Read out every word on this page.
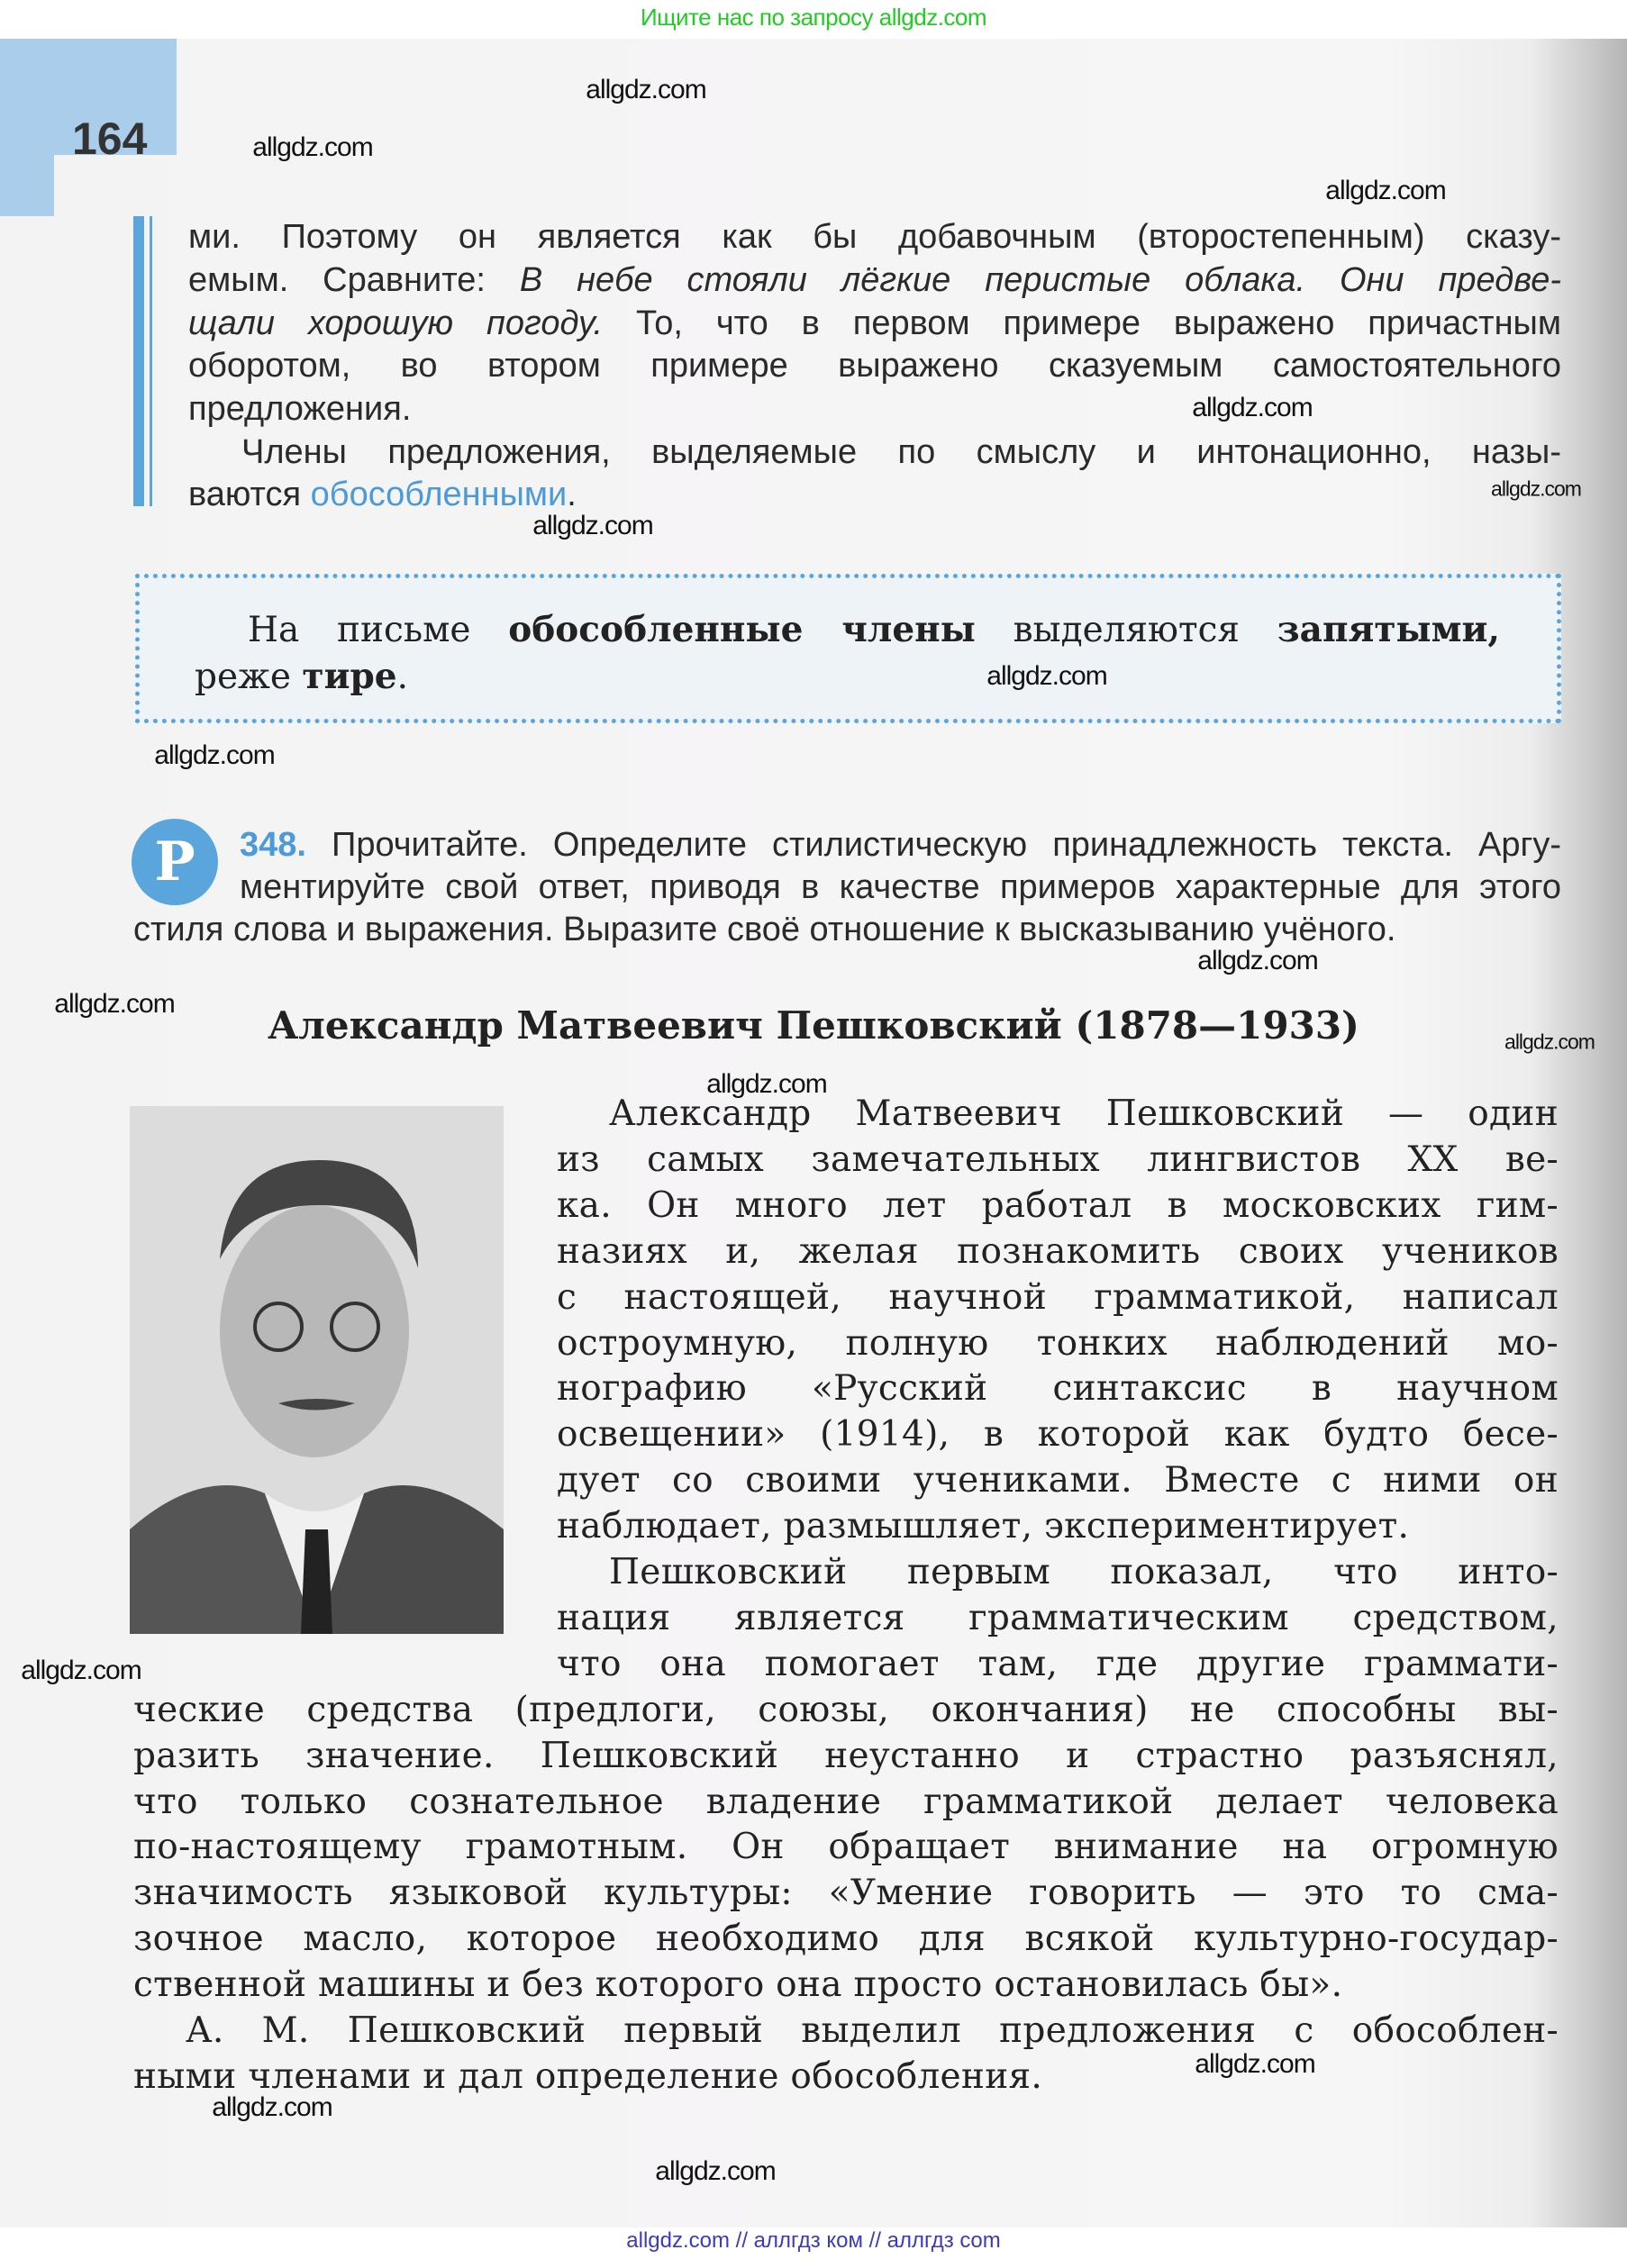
Ищите нас по запросу allgdz.com
164
ми. Поэтому он является как бы добавочным (второстепенным) сказу-
емым. Сравните: В небе стояли лёгкие перистые облака. Они предве-
щали хорошую погоду. То, что в первом примере выражено причастным
оборотом, во втором примере выражено сказуемым самостоятельного
предложения.
Члены предложения, выделяемые по смыслу и интонационно, назы-
ваются обособленными.
На письме обособленные члены выделяются запятыми,
реже тире.
Р	348. Прочитайте. Определите стилистическую принадлежность текста. Аргу-
ментируйте свой ответ, приводя в качестве примеров характерные для этого
стиля слова и выражения. Выразите своё отношение к высказыванию учёного.
Александр Матвеевич Пешковский (1878—1933)
Александр Матвеевич Пешковский — один
из самых замечательных лингвистов XX ве-
ка. Он много лет работал в московских гим-
назиях и, желая познакомить своих учеников
с настоящей, научной грамматикой, написал
остроумную, полную тонких наблюдений мо-
нографию «Русский синтаксис в научном
освещении» (1914), в которой как будто бесе-
дует со своими учениками. Вместе с ними он
наблюдает, размышляет, экспериментирует.
Пешковский первым показал, что инто-
нация является грамматическим средством,
что она помогает там, где другие граммати-
ческие средства (предлоги, союзы, окончания) не способны вы-
разить значение. Пешковский неустанно и страстно разъяснял,
что только сознательное владение грамматикой делает человека
по-настоящему грамотным. Он обращает внимание на огромную
значимость языковой культуры: «Умение говорить — это то сма-
зочное масло, которое необходимо для всякой культурно-государ-
ственной машины и без которого она просто остановилась бы».
А. М. Пешковский первый выделил предложения с обособлен-
ными членами и дал определение обособления.
allgdz.com
allgdz.com
allgdz.com
allgdz.com
allgdz.com
allgdz.com
allgdz.com
allgdz.com
allgdz.com
allgdz.com
allgdz.com
allgdz.com
allgdz.com
allgdz.com
allgdz.com
allgdz.com
allgdz.com // аллгдз ком // аллгдз com
